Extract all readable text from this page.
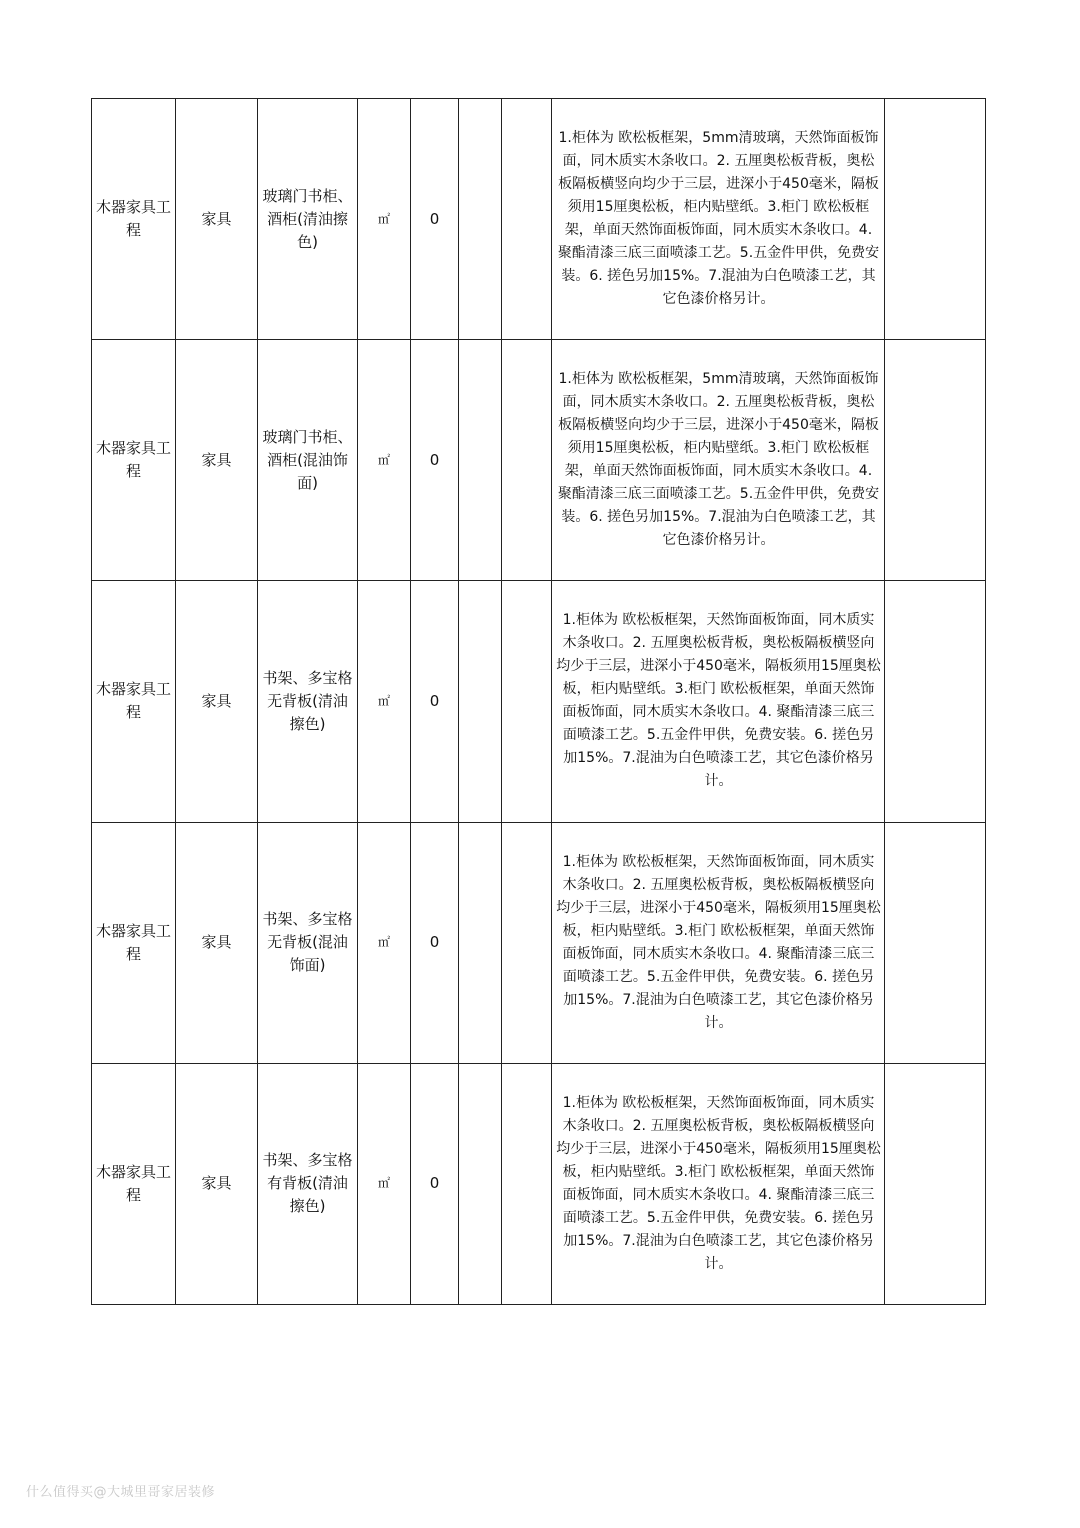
木器家具工程	家具	玻璃门书柜、酒柜(清油擦色)	㎡	0			1.柜体为 欧松板框架，5mm清玻璃，天然饰面板饰面，同木质实木条收口。2. 五厘奥松板背板，奥松板隔板横竖向均少于三层，进深小于450毫米，隔板须用15厘奥松板，柜内贴壁纸。3.柜门 欧松板框架，单面天然饰面板饰面，同木质实木条收口。4. 聚酯清漆三底三面喷漆工艺。5.五金件甲供，免费安装。6. 搓色另加15%。7.混油为白色喷漆工艺，其它色漆价格另计。	
木器家具工程	家具	玻璃门书柜、酒柜(混油饰面)	㎡	0			1.柜体为 欧松板框架，5mm清玻璃，天然饰面板饰面，同木质实木条收口。2. 五厘奥松板背板，奥松板隔板横竖向均少于三层，进深小于450毫米，隔板须用15厘奥松板，柜内贴壁纸。3.柜门 欧松板框架，单面天然饰面板饰面，同木质实木条收口。4. 聚酯清漆三底三面喷漆工艺。5.五金件甲供，免费安装。6. 搓色另加15%。7.混油为白色喷漆工艺，其它色漆价格另计。	
木器家具工程	家具	书架、多宝格无背板(清油擦色)	㎡	0			1.柜体为 欧松板框架，天然饰面板饰面，同木质实木条收口。2. 五厘奥松板背板，奥松板隔板横竖向均少于三层，进深小于450毫米，隔板须用15厘奥松板，柜内贴壁纸。3.柜门 欧松板框架，单面天然饰面板饰面，同木质实木条收口。4. 聚酯清漆三底三面喷漆工艺。5.五金件甲供，免费安装。6. 搓色另加15%。7.混油为白色喷漆工艺，其它色漆价格另计。	
木器家具工程	家具	书架、多宝格无背板(混油饰面)	㎡	0			1.柜体为 欧松板框架，天然饰面板饰面，同木质实木条收口。2. 五厘奥松板背板，奥松板隔板横竖向均少于三层，进深小于450毫米，隔板须用15厘奥松板，柜内贴壁纸。3.柜门 欧松板框架，单面天然饰面板饰面，同木质实木条收口。4. 聚酯清漆三底三面喷漆工艺。5.五金件甲供，免费安装。6. 搓色另加15%。7.混油为白色喷漆工艺，其它色漆价格另计。	
木器家具工程	家具	书架、多宝格有背板(清油擦色)	㎡	0			1.柜体为 欧松板框架，天然饰面板饰面，同木质实木条收口。2. 五厘奥松板背板，奥松板隔板横竖向均少于三层，进深小于450毫米，隔板须用15厘奥松板，柜内贴壁纸。3.柜门 欧松板框架，单面天然饰面板饰面，同木质实木条收口。4. 聚酯清漆三底三面喷漆工艺。5.五金件甲供，免费安装。6. 搓色另加15%。7.混油为白色喷漆工艺，其它色漆价格另计。	
什么值得买@大城里哥家居装修
